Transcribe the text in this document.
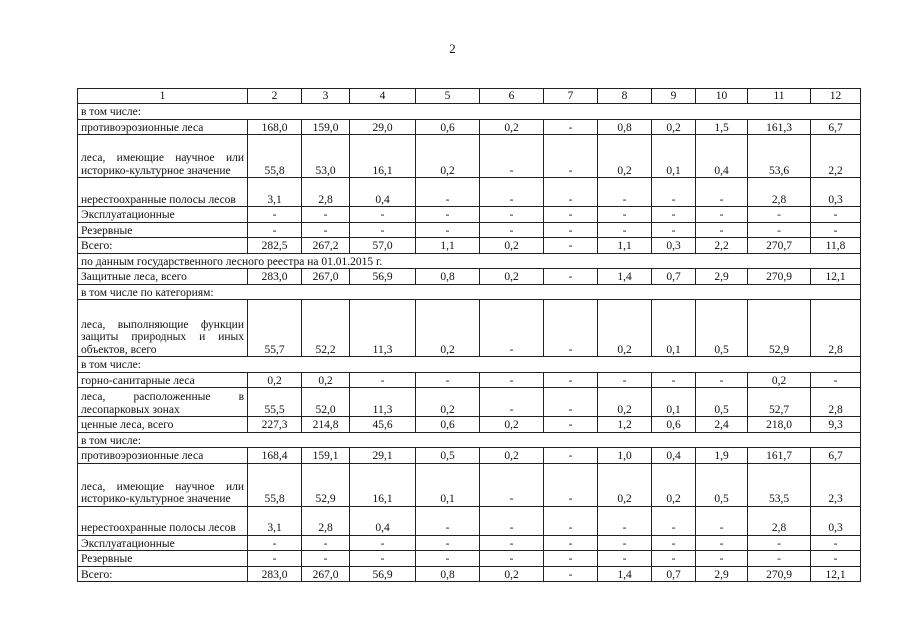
2
1	2	3	4	5	6	7	8	9	10	11	12
в том числе:											
противоэрозионные леса	168,0	159,0	29,0	0,6	0,2	-	0,8	0,2	1,5	161,3	6,7
леса, имеющие научное или историко-культурное значение	55,8	53,0	16,1	0,2	-	-	0,2	0,1	0,4	53,6	2,2
нерестоохранные полосы лесов	3,1	2,8	0,4	-	-	-	-	-	-	2,8	0,3
Эксплуатационные	-	-	-	-	-	-	-	-	-	-	-
Резервные	-	-	-	-	-	-	-	-	-	-	-
Всего:	282,5	267,2	57,0	1,1	0,2	-	1,1	0,3	2,2	270,7	11,8
по данным государственного лесного реестра на 01.01.2015 г.											
Защитные леса, всего	283,0	267,0	56,9	0,8	0,2	-	1,4	0,7	2,9	270,9	12,1
в том числе по категориям:											
леса, выполняющие функции защиты природных и иных объектов, всего	55,7	52,2	11,3	0,2	-	-	0,2	0,1	0,5	52,9	2,8
в том числе:											
горно-санитарные леса	0,2	0,2	-	-	-	-	-	-	-	0,2	-
леса, расположенные в лесопарковых зонах	55,5	52,0	11,3	0,2	-	-	0,2	0,1	0,5	52,7	2,8
ценные леса, всего	227,3	214,8	45,6	0,6	0,2	-	1,2	0,6	2,4	218,0	9,3
в том числе:											
противоэрозионные леса	168,4	159,1	29,1	0,5	0,2	-	1,0	0,4	1,9	161,7	6,7
леса, имеющие научное или историко-культурное значение	55,8	52,9	16,1	0,1	-	-	0,2	0,2	0,5	53,5	2,3
нерестоохранные полосы лесов	3,1	2,8	0,4	-	-	-	-	-	-	2,8	0,3
Эксплуатационные	-	-	-	-	-	-	-	-	-	-	-
Резервные	-	-	-	-	-	-	-	-	-	-	-
Всего:	283,0	267,0	56,9	0,8	0,2	-	1,4	0,7	2,9	270,9	12,1
